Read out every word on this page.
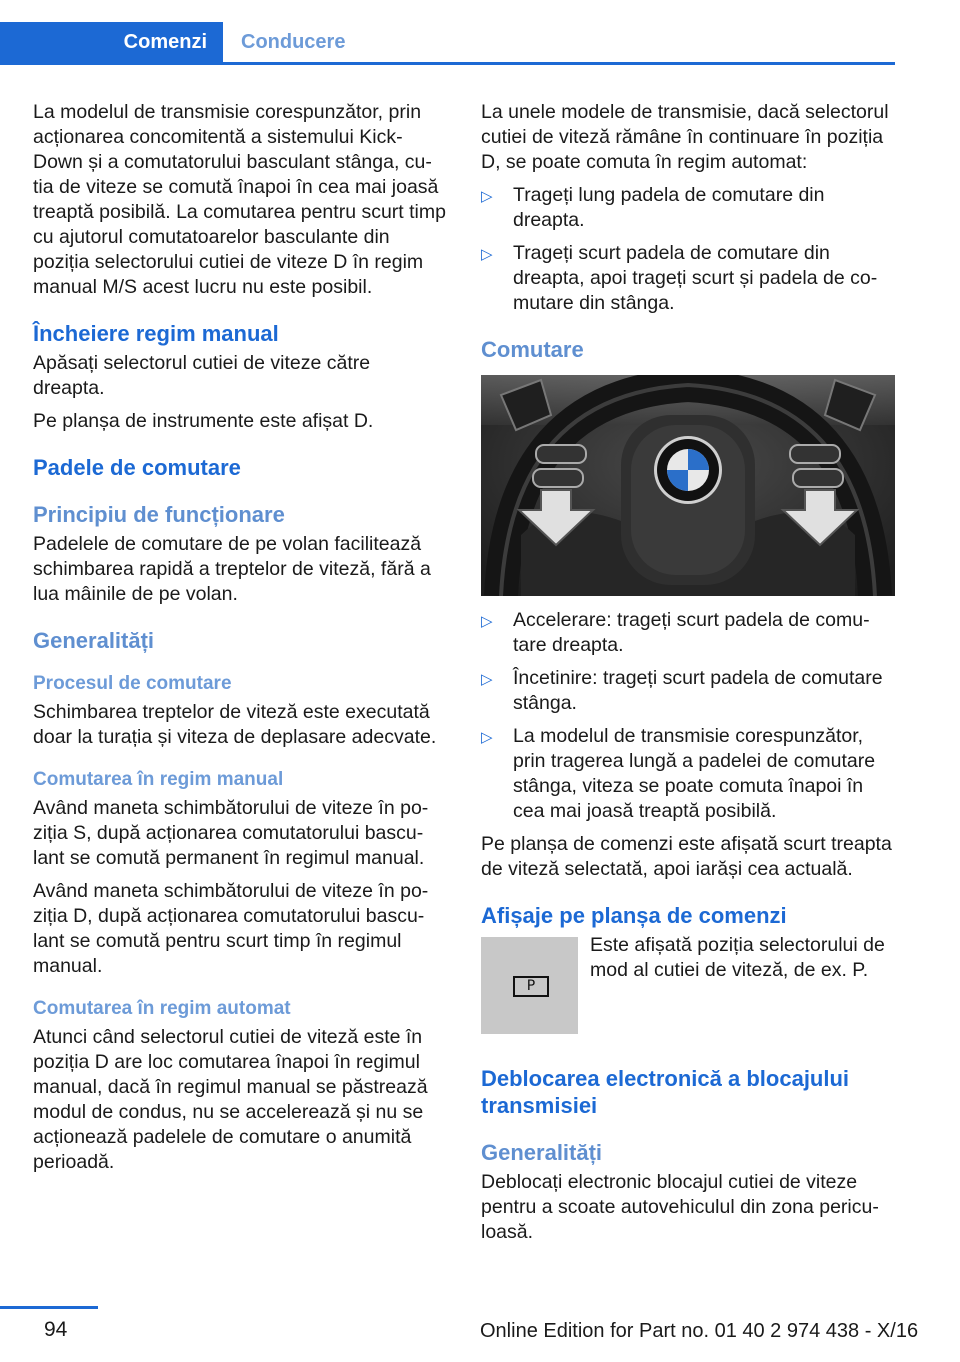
Comenzi Conducere

La modelul de transmisie corespunzător, prin acționarea concomitentă a sistemului Kick-Down și a comutatorului basculant stânga, cu- tia de viteze se comută înapoi în cea mai joasă treaptă posibilă. La comutarea pentru scurt timp cu ajutorul comutatoarelor basculante din poziția selectorului cutiei de viteze D în regim manual M/S acest lucru nu este posibil.

Încheiere regim manual

Apăsați selectorul cutiei de viteze către dreapta.

Pe planșa de instrumente este afișat D.

Padele de comutare
Principiu de funcționare

Padelele de comutare de pe volan facilitează schimbarea rapidă a treptelor de viteză, fără a lua mâinile de pe volan.

Generalități
Procesul de comutare

Schimbarea treptelor de viteză este executată doar la turația și viteza de deplasare adecvate.

Comutarea în regim manual

Având maneta schimbătorului de viteze în po- ziția S, după acționarea comutatorului bascu- lant se comută permanent în regimul manual.

Având maneta schimbătorului de viteze în po- ziția D, după acționarea comutatorului bascu- lant se comută pentru scurt timp în regimul manual.

Comutarea în regim automat

Atunci când selectorul cutiei de viteză este în poziția D are loc comutarea înapoi în regimul manual, dacă în regimul manual se păstrează modul de condus, nu se accelerează și nu se acționează padelele de comutare o anumită perioadă.

La unele modele de transmisie, dacă selectorul cutiei de viteză rămâne în continuare în poziția D, se poate comuta în regim automat:

▷ Trageți lung padela de comutare din dreapta.
▷ Trageți scurt padela de comutare din dreapta, apoi trageți scurt și padela de co- mutare din stânga.
Comutare
▷ Accelerare: trageți scurt padela de comu- tare dreapta.
▷ Încetinire: trageți scurt padela de comutare stânga.
▷ La modelul de transmisie corespunzător, prin tragerea lungă a padelei de comutare stânga, viteza se poate comuta înapoi în cea mai joasă treaptă posibilă.

Pe planșa de comenzi este afișată scurt treapta de viteză selectată, apoi iarăși cea actuală.

Afișaje pe planșa de comenzi
P
Este afișată poziția selectorului de mod al cutiei de viteză, de ex. P.
Deblocarea electronică a blocajului transmisiei
Generalități

Deblocați electronic blocajul cutiei de viteze pentru a scoate autovehiculul din zona pericu- loasă.

94	Online Edition for Part no. 01 40 2 974 438 - X/16
